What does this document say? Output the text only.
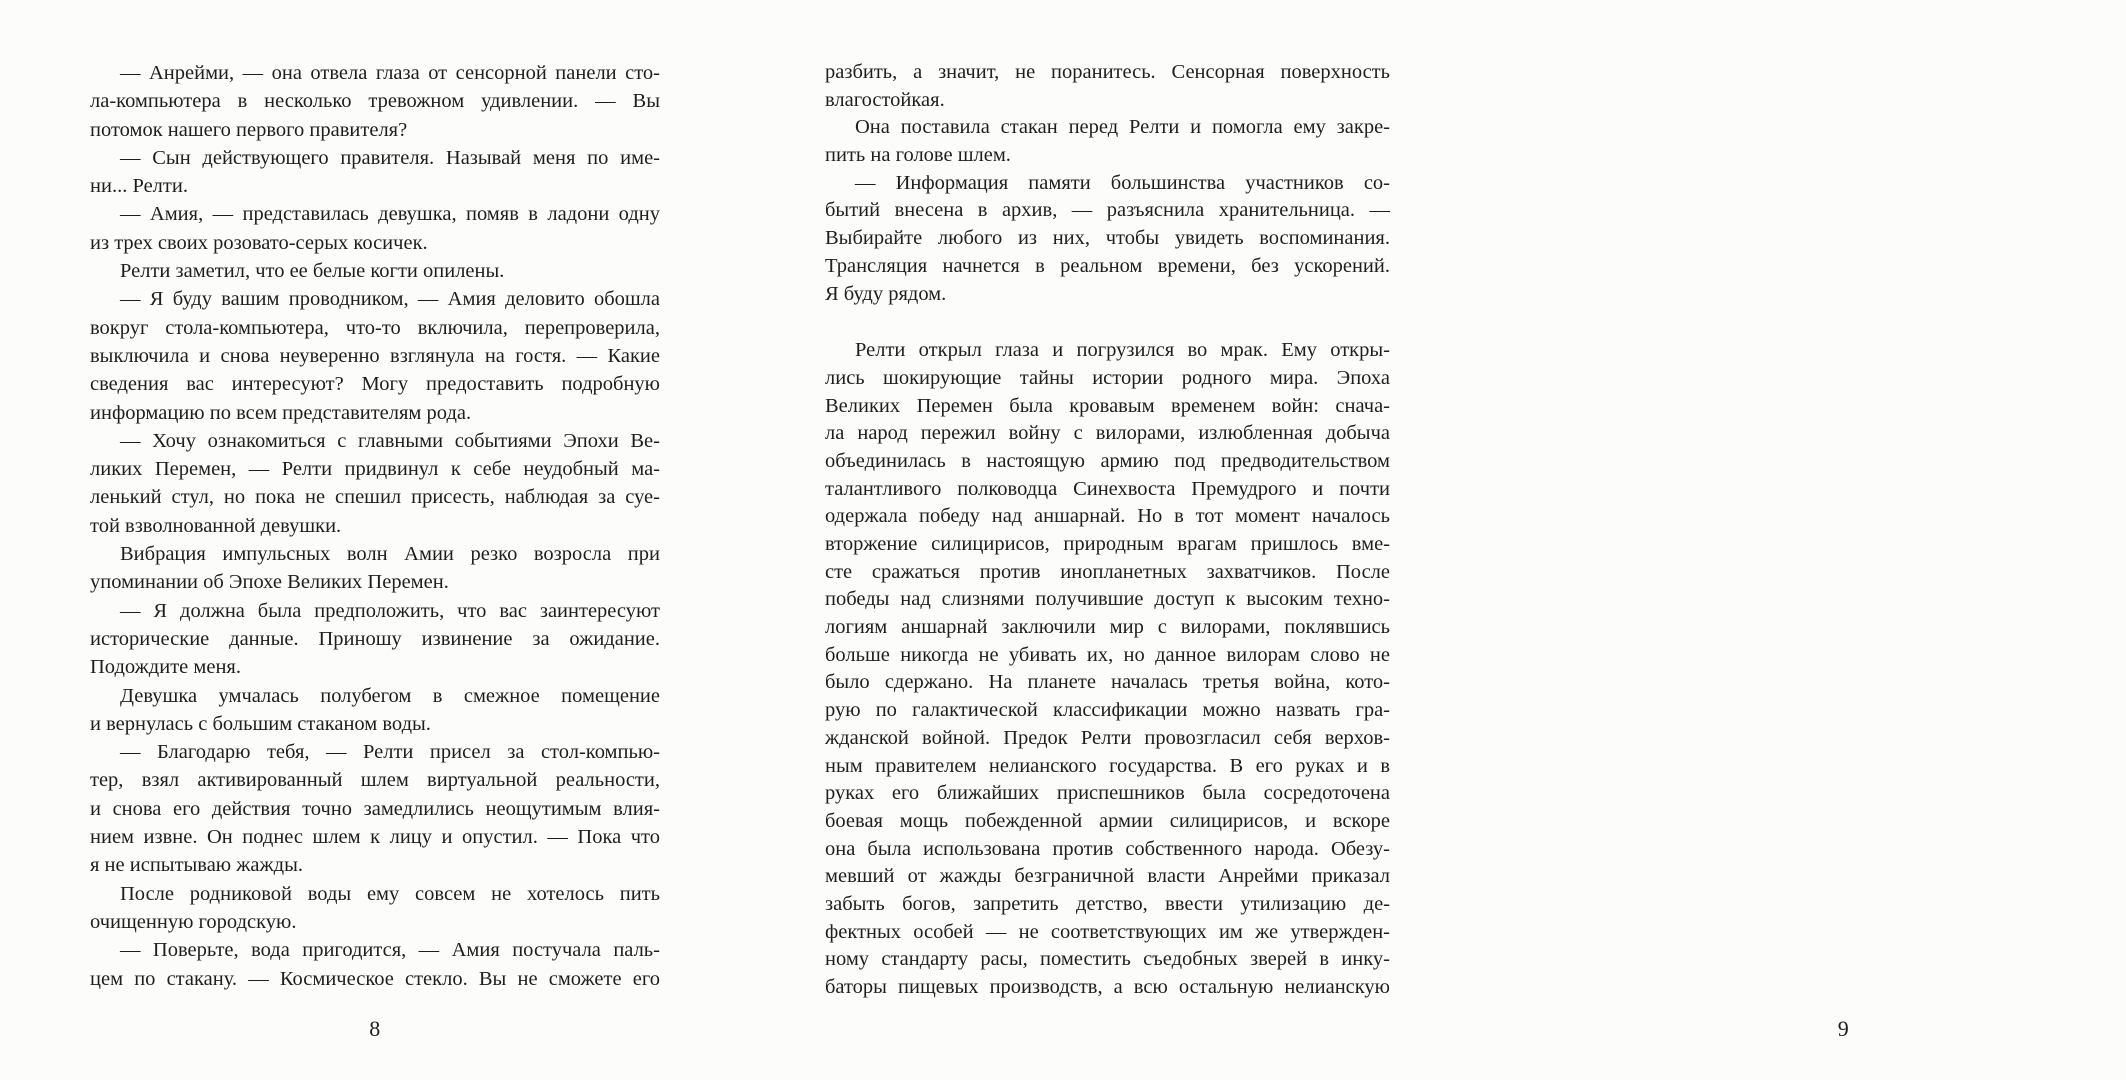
— Анрейми, — она отвела глаза от сенсорной панели сто-
ла-компьютера в несколько тревожном удивлении. — Вы
потомок нашего первого правителя?
— Сын действующего правителя. Называй меня по име-
ни... Релти.
— Амия, — представилась девушка, помяв в ладони одну
из трех своих розовато-серых косичек.
Релти заметил, что ее белые когти опилены.
— Я буду вашим проводником, — Амия деловито обошла
вокруг стола-компьютера, что-то включила, перепроверила,
выключила и снова неуверенно взглянула на гостя. — Какие
сведения вас интересуют? Могу предоставить подробную
информацию по всем представителям рода.
— Хочу ознакомиться с главными событиями Эпохи Ве-
ликих Перемен, — Релти придвинул к себе неудобный ма-
ленький стул, но пока не спешил присесть, наблюдая за суе-
той взволнованной девушки.
Вибрация импульсных волн Амии резко возросла при
упоминании об Эпохе Великих Перемен.
— Я должна была предположить, что вас заинтересуют
исторические данные. Приношу извинение за ожидание.
Подождите меня.
Девушка умчалась полубегом в смежное помещение
и вернулась с большим стаканом воды.
— Благодарю тебя, — Релти присел за стол-компью-
тер, взял активированный шлем виртуальной реальности,
и снова его действия точно замедлились неощутимым влия-
нием извне. Он поднес шлем к лицу и опустил. — Пока что
я не испытываю жажды.
После родниковой воды ему совсем не хотелось пить
очищенную городскую.
— Поверьте, вода пригодится, — Амия постучала паль-
цем по стакану. — Космическое стекло. Вы не сможете его
8
разбить, а значит, не поранитесь. Сенсорная поверхность
влагостойкая.
Она поставила стакан перед Релти и помогла ему закре-
пить на голове шлем.
— Информация памяти большинства участников со-
бытий внесена в архив, — разъяснила хранительница. —
Выбирайте любого из них, чтобы увидеть воспоминания.
Трансляция начнется в реальном времени, без ускорений.
Я буду рядом.
Релти открыл глаза и погрузился во мрак. Ему откры-
лись шокирующие тайны истории родного мира. Эпоха
Великих Перемен была кровавым временем войн: снача-
ла народ пережил войну с вилорами, излюбленная добыча
объединилась в настоящую армию под предводительством
талантливого полководца Синехвоста Премудрого и почти
одержала победу над аншарнай. Но в тот момент началось
вторжение силицирисов, природным врагам пришлось вме-
сте сражаться против инопланетных захватчиков. После
победы над слизнями получившие доступ к высоким техно-
логиям аншарнай заключили мир с вилорами, поклявшись
больше никогда не убивать их, но данное вилорам слово не
было сдержано. На планете началась третья война, кото-
рую по галактической классификации можно назвать гра-
жданской войной. Предок Релти провозгласил себя верхов-
ным правителем нелианского государства. В его руках и в
руках его ближайших приспешников была сосредоточена
боевая мощь побежденной армии силицирисов, и вскоре
она была использована против собственного народа. Обезу-
мевший от жажды безграничной власти Анрейми приказал
забыть богов, запретить детство, ввести утилизацию де-
фектных особей — не соответствующих им же утвержден-
ному стандарту расы, поместить съедобных зверей в инку-
баторы пищевых производств, а всю остальную нелианскую
9
